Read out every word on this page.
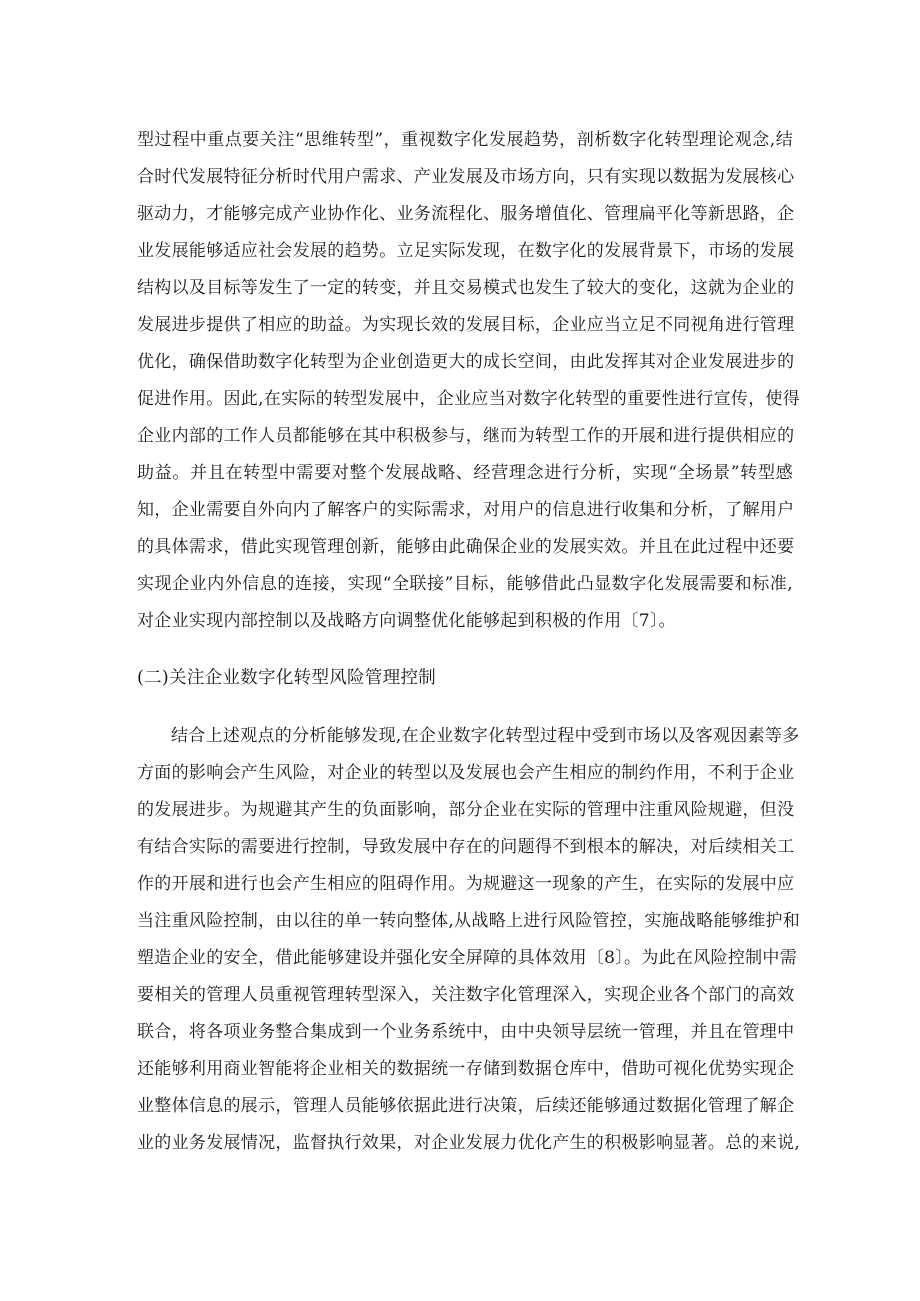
型过程中重点要关注“思维转型”，重视数字化发展趋势，剖析数字化转型理论观念,结
合时代发展特征分析时代用户需求、产业发展及市场方向，只有实现以数据为发展核心
驱动力，才能够完成产业协作化、业务流程化、服务增值化、管理扁平化等新思路，企
业发展能够适应社会发展的趋势。立足实际发现，在数字化的发展背景下，市场的发展
结构以及目标等发生了一定的转变，并且交易模式也发生了较大的变化，这就为企业的
发展进步提供了相应的助益。为实现长效的发展目标，企业应当立足不同视角进行管理
优化，确保借助数字化转型为企业创造更大的成长空间，由此发挥其对企业发展进步的
促进作用。因此,在实际的转型发展中，企业应当对数字化转型的重要性进行宣传，使得
企业内部的工作人员都能够在其中积极参与，继而为转型工作的开展和进行提供相应的
助益。并且在转型中需要对整个发展战略、经营理念进行分析，实现“全场景”转型感
知，企业需要自外向内了解客户的实际需求，对用户的信息进行收集和分析，了解用户
的具体需求，借此实现管理创新，能够由此确保企业的发展实效。并且在此过程中还要
实现企业内外信息的连接，实现“全联接”目标，能够借此凸显数字化发展需要和标准,
对企业实现内部控制以及战略方向调整优化能够起到积极的作用〔7〕。
(二)关注企业数字化转型风险管理控制
结合上述观点的分析能够发现,在企业数字化转型过程中受到市场以及客观因素等多
方面的影响会产生风险，对企业的转型以及发展也会产生相应的制约作用，不利于企业
的发展进步。为规避其产生的负面影响，部分企业在实际的管理中注重风险规避，但没
有结合实际的需要进行控制，导致发展中存在的问题得不到根本的解决，对后续相关工
作的开展和进行也会产生相应的阻碍作用。为规避这一现象的产生，在实际的发展中应
当注重风险控制，由以往的单一转向整体,从战略上进行风险管控，实施战略能够维护和
塑造企业的安全，借此能够建设并强化安全屏障的具体效用〔8〕。为此在风险控制中需
要相关的管理人员重视管理转型深入，关注数字化管理深入，实现企业各个部门的高效
联合，将各项业务整合集成到一个业务系统中，由中央领导层统一管理，并且在管理中
还能够利用商业智能将企业相关的数据统一存储到数据仓库中，借助可视化优势实现企
业整体信息的展示，管理人员能够依据此进行决策，后续还能够通过数据化管理了解企
业的业务发展情况，监督执行效果，对企业发展力优化产生的积极影响显著。总的来说,
